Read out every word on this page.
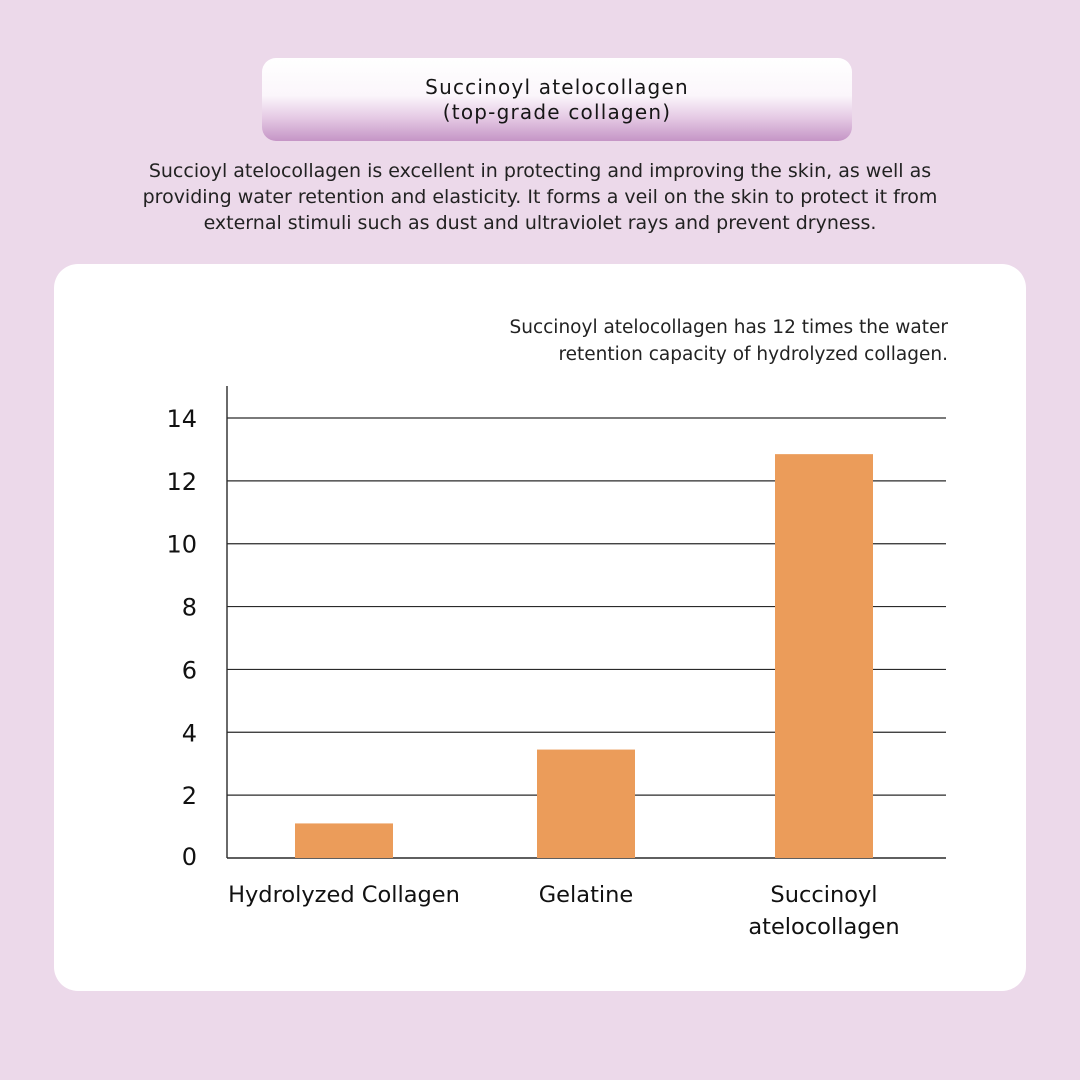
Succinoyl atelocollagen
(top-grade collagen)
Succioyl atelocollagen is excellent in protecting and improving the skin, as well as
providing water retention and elasticity. It forms a veil on the skin to protect it from
external stimuli such as dust and ultraviolet rays and prevent dryness.
Succinoyl atelocollagen has 12 times the water
retention capacity of hydrolyzed collagen.
0
2
4
6
8
10
12
14
Hydrolyzed Collagen	Gelatine	Succinoyl
atelocollagen
